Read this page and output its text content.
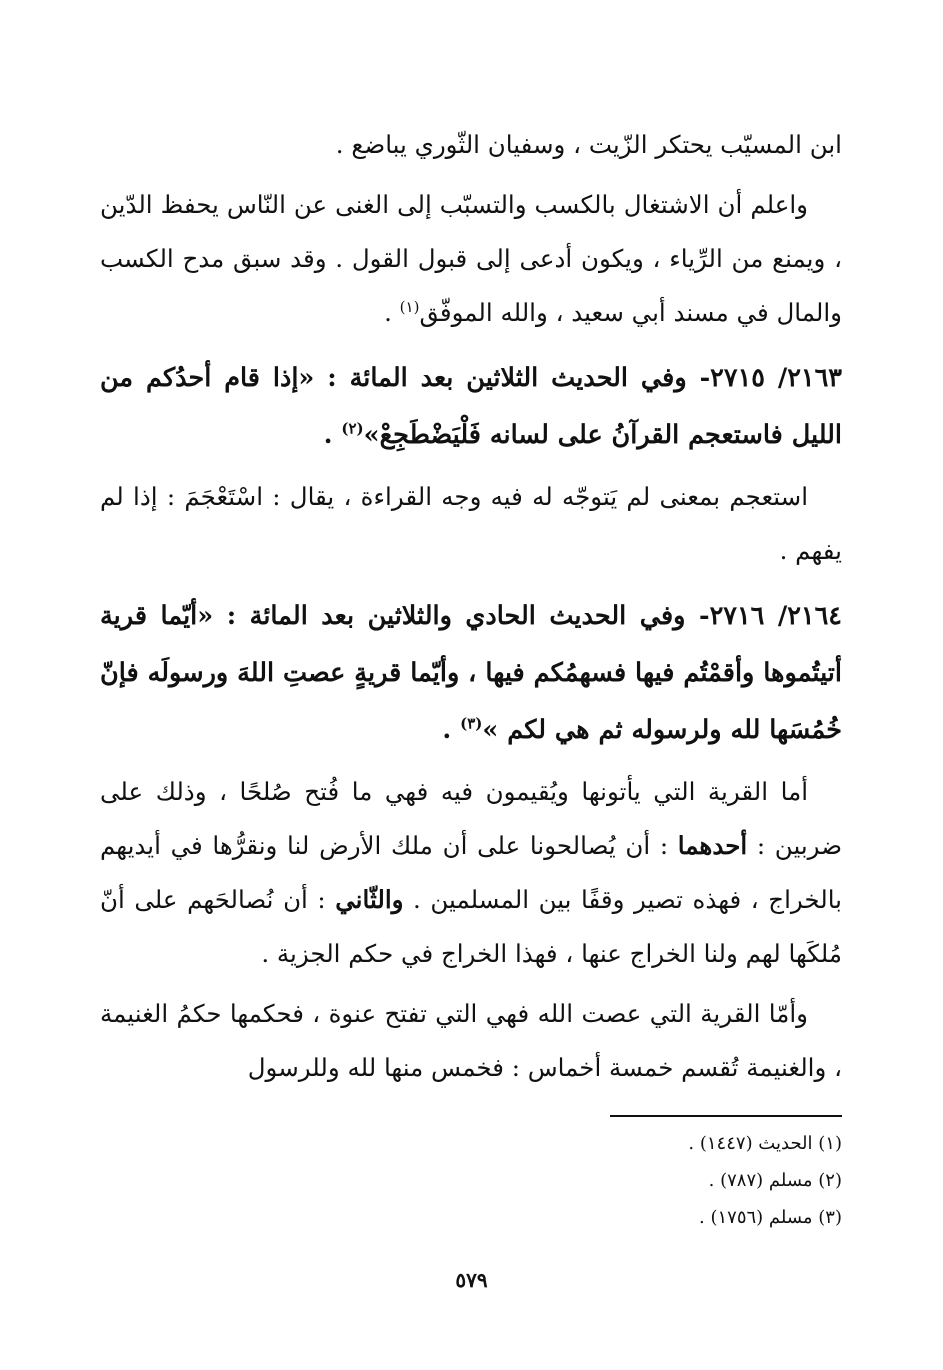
ابن المسيّب يحتكر الزّيت ، وسفيان الثّوري يباضع .

واعلم أن الاشتغال بالكسب والتسبّب إلى الغنى عن النّاس يحفظ الدّين ، ويمنع من الرِّياء ، ويكون أدعى إلى قبول القول . وقد سبق مدح الكسب والمال في مسند أبي سعيد ، والله الموفّق$^{(١)}$ .

٢١٦٣/ ٢٧١٥- وفي الحديث الثلاثين بعد المائة : «إذا قام أحدُكم من الليل فاستعجم القرآنُ على لسانه فَلْيَضْطَجِعْ»$^{(٢)}$ .

استعجم بمعنى لم يَتوجّه له فيه وجه القراءة ، يقال : اسْتَعْجَمَ : إذا لم يفهم .

٢١٦٤/ ٢٧١٦- وفي الحديث الحادي والثلاثين بعد المائة : «أيّما قرية أتيتُموها وأقمْتُم فيها فسهمُكم فيها ، وأيّما قريةٍ عصتِ اللهَ ورسولَه فإنّ خُمُسَها لله ولرسوله ثم هي لكم »$^{(٣)}$ .

أما القرية التي يأتونها ويُقيمون فيه فهي ما فُتح صُلحًا ، وذلك على ضربين : أحدهما : أن يُصالحونا على أن ملك الأرض لنا ونقرُّها في أيديهم بالخراج ، فهذه تصير وقفًا بين المسلمين . والثّاني : أن نُصالحَهم على أنّ مُلكَها لهم ولنا الخراج عنها ، فهذا الخراج في حكم الجزية .

وأمّا القرية التي عصت الله فهي التي تفتح عنوة ، فحكمها حكمُ الغنيمة ، والغنيمة تُقسم خمسة أخماس : فخمس منها لله وللرسول

(١) الحديث (١٤٤٧) .

(٢) مسلم (٧٨٧) .

(٣) مسلم (١٧٥٦) .

٥٧٩
